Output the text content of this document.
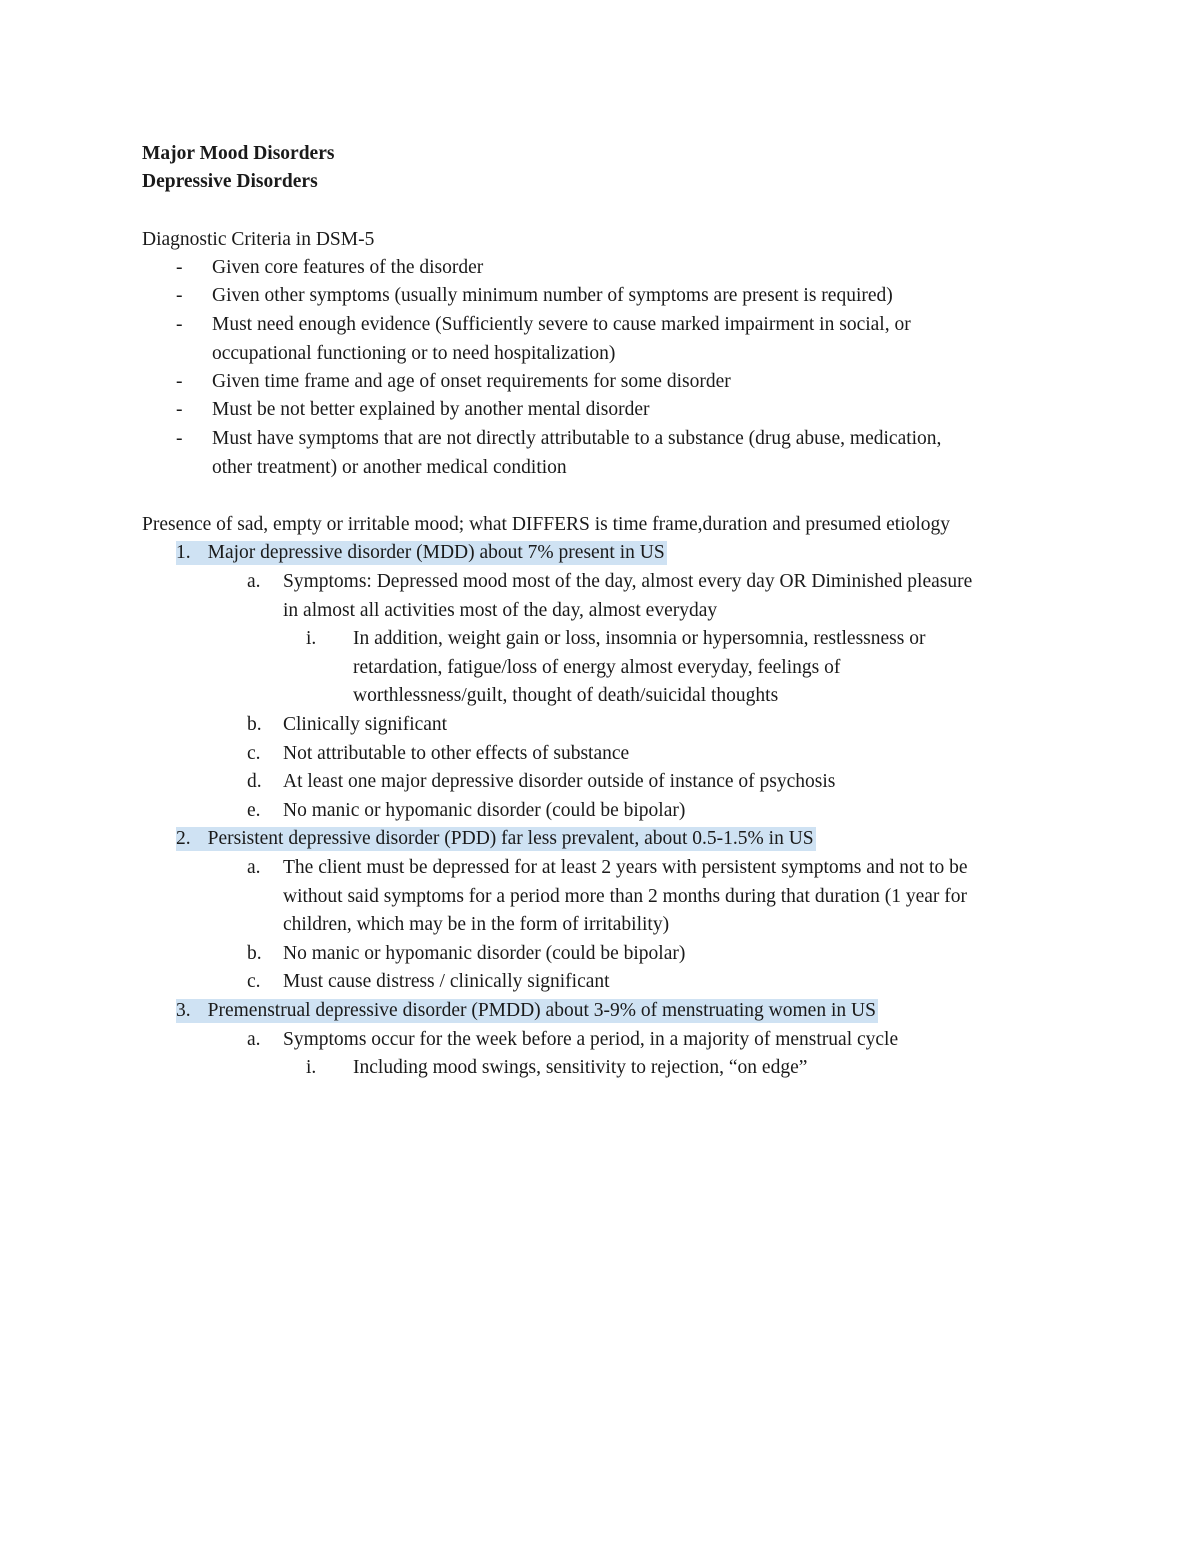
Major Mood Disorders
Depressive Disorders
Diagnostic Criteria in DSM-5
- Given core features of the disorder
- Given other symptoms (usually minimum number of symptoms are present is required)
- Must need enough evidence (Sufficiently severe to cause marked impairment in social, or
occupational functioning or to need hospitalization)
- Given time frame and age of onset requirements for some disorder
- Must be not better explained by another mental disorder
- Must have symptoms that are not directly attributable to a substance (drug abuse, medication,
other treatment) or another medical condition
Presence of sad, empty or irritable mood; what DIFFERS is time frame,duration and presumed etiology
1. Major depressive disorder (MDD) about 7% present in US
a. Symptoms: Depressed mood most of the day, almost every day OR Diminished pleasure
in almost all activities most of the day, almost everyday
i. In addition, weight gain or loss, insomnia or hypersomnia, restlessness or
retardation, fatigue/loss of energy almost everyday, feelings of
worthlessness/guilt, thought of death/suicidal thoughts
b. Clinically significant
c. Not attributable to other effects of substance
d. At least one major depressive disorder outside of instance of psychosis
e. No manic or hypomanic disorder (could be bipolar)
2. Persistent depressive disorder (PDD) far less prevalent, about 0.5-1.5% in US
a. The client must be depressed for at least 2 years with persistent symptoms and not to be
without said symptoms for a period more than 2 months during that duration (1 year for
children, which may be in the form of irritability)
b. No manic or hypomanic disorder (could be bipolar)
c. Must cause distress / clinically significant
3. Premenstrual depressive disorder (PMDD) about 3-9% of menstruating women in US
a. Symptoms occur for the week before a period, in a majority of menstrual cycle
i. Including mood swings, sensitivity to rejection, “on edge”
